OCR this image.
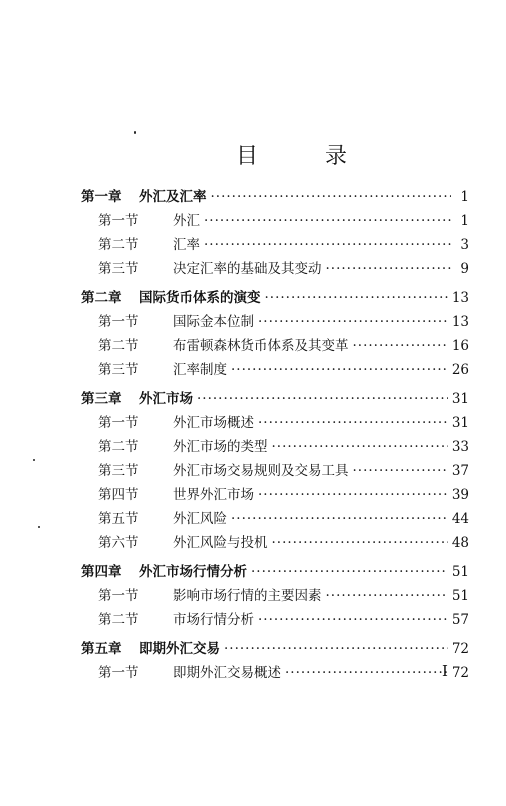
目 录
第一章	外汇及汇率 ·····	1
第一节	外汇 ·····	1
第二节	汇率 ·····	3
第三节	决定汇率的基础及其变动 ·····	9
第二章	国际货币体系的演变 ·····	13
第一节	国际金本位制 ·····	13
第二节	布雷顿森林货币体系及其变革 ·····	16
第三节	汇率制度 ·····	26
第三章	外汇市场 ·····	31
第一节	外汇市场概述 ·····	31
第二节	外汇市场的类型 ·····	33
第三节	外汇市场交易规则及交易工具 ·····	37
第四节	世界外汇市场 ·····	39
第五节	外汇风险 ·····	44
第六节	外汇风险与投机 ·····	48
第四章	外汇市场行情分析 ·····	51
第一节	影响市场行情的主要因素 ·····	51
第二节	市场行情分析 ·····	57
第五章	即期外汇交易 ·····	72
第一节	即期外汇交易概述 ·····	72
I
